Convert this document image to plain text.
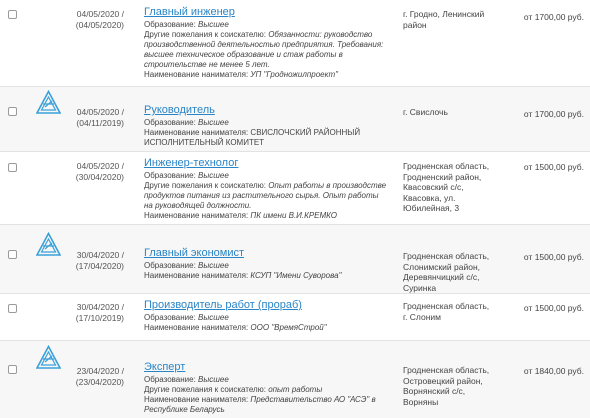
04/05/2020 /
(04/05/2020)
Главный инженер
Образование: Высшее
Другие пожелания к соискателю: Обязанности: руководство производственной деятельностью предприятия. Требования: высшее техническое образование и стаж работы в строительстве не менее 5 лет.
Наименование нанимателя: УП "Гродножилпроект"
г. Гродно, Ленинский район
от 1700,00 руб.
04/05/2020 /
(04/11/2019)
Руководитель
Образование: Высшее
Наименование нанимателя: СВИСЛОЧСКИЙ РАЙОННЫЙ ИСПОЛНИТЕЛЬНЫЙ КОМИТЕТ
г. Свислочь	от 1700,00 руб.
04/05/2020 /
(30/04/2020)
Инженер-технолог
Образование: Высшее
Другие пожелания к соискателю: Опыт работы в производстве продуктов питания из растительного сырья. Опыт работы на руководящей должности.
Наименование нанимателя: ПК имени В.И.КРЕМКО
Гродненская область, Гродненский район, Квасовский с/с, Квасовка, ул. Юбилейная, 3
от 1500,00 руб.
30/04/2020 /
(17/04/2020)
Главный экономист
Образование: Высшее
Наименование нанимателя: КСУП "Имени Суворова"
Гродненская область, Слонимский район, Деревянчицкий с/с, Суринка
от 1500,00 руб.
30/04/2020 /
(17/10/2019)
Производитель работ (прораб)
Образование: Высшее
Наименование нанимателя: ООО "ВремяСтрой"
Гродненская область, г. Слоним
от 1500,00 руб.
23/04/2020 /
(23/04/2020)
Эксперт
Образование: Высшее
Другие пожелания к соискателю: опыт работы
Наименование нанимателя: Представительство АО "АСЭ" в Республике Беларусь
Гродненская область, Островецкий район, Ворнянский с/с, Ворняны
от 1840,00 руб.
